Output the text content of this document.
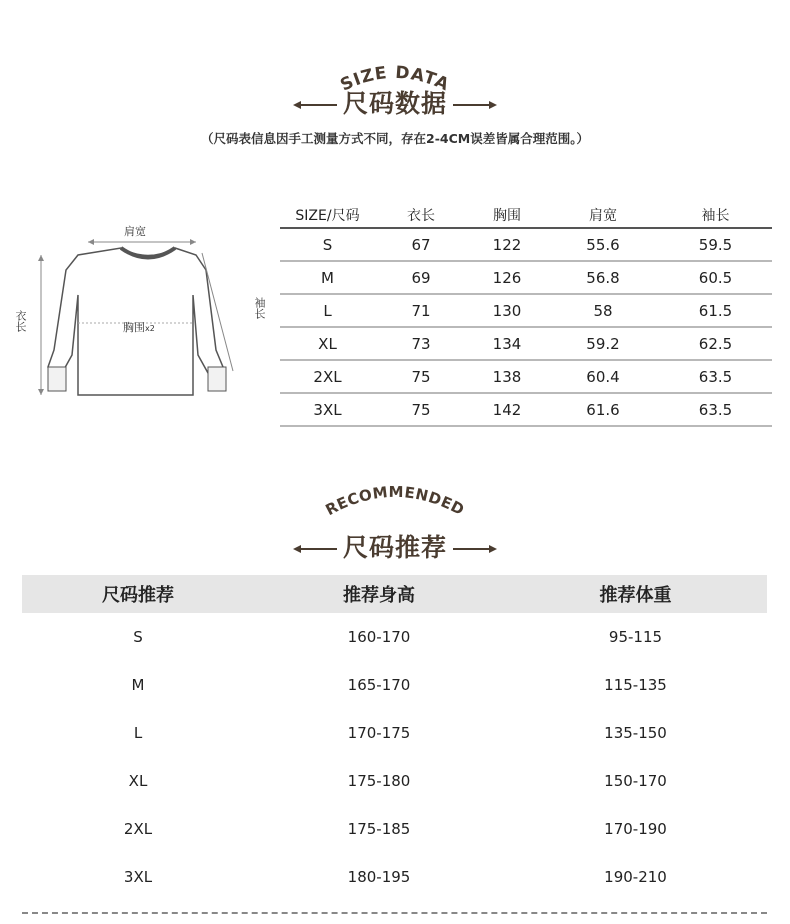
SIZE DATA
尺码数据
（尺码表信息因手工测量方式不同，存在2-4CM误差皆属合理范围。）
肩宽
衣长
袖长
胸围x2
SIZE/尺码	衣长	胸围	肩宽	袖长
S	67	122	55.6	59.5
M	69	126	56.8	60.5
L	71	130	58	61.5
XL	73	134	59.2	62.5
2XL	75	138	60.4	63.5
3XL	75	142	61.6	63.5
RECOMMENDED
尺码推荐
尺码推荐	推荐身高	推荐体重
S	160-170	95-115
M	165-170	115-135
L	170-175	135-150
XL	175-180	150-170
2XL	175-185	170-190
3XL	180-195	190-210
